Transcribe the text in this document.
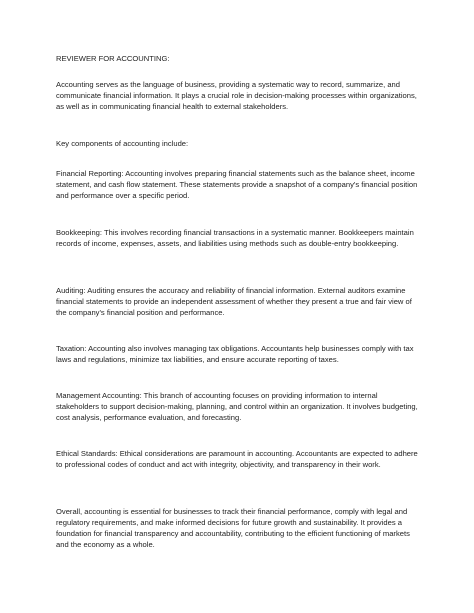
REVIEWER FOR ACCOUNTING:
Accounting serves as the language of business, providing a systematic way to record, summarize, and communicate financial information. It plays a crucial role in decision-making processes within organizations, as well as in communicating financial health to external stakeholders.
Key components of accounting include:
Financial Reporting: Accounting involves preparing financial statements such as the balance sheet, income statement, and cash flow statement. These statements provide a snapshot of a company's financial position and performance over a specific period.
Bookkeeping: This involves recording financial transactions in a systematic manner. Bookkeepers maintain records of income, expenses, assets, and liabilities using methods such as double-entry bookkeeping.
Auditing: Auditing ensures the accuracy and reliability of financial information. External auditors examine financial statements to provide an independent assessment of whether they present a true and fair view of the company's financial position and performance.
Taxation: Accounting also involves managing tax obligations. Accountants help businesses comply with tax laws and regulations, minimize tax liabilities, and ensure accurate reporting of taxes.
Management Accounting: This branch of accounting focuses on providing information to internal stakeholders to support decision-making, planning, and control within an organization. It involves budgeting, cost analysis, performance evaluation, and forecasting.
Ethical Standards: Ethical considerations are paramount in accounting. Accountants are expected to adhere to professional codes of conduct and act with integrity, objectivity, and transparency in their work.
Overall, accounting is essential for businesses to track their financial performance, comply with legal and regulatory requirements, and make informed decisions for future growth and sustainability. It provides a foundation for financial transparency and accountability, contributing to the efficient functioning of markets and the economy as a whole.
